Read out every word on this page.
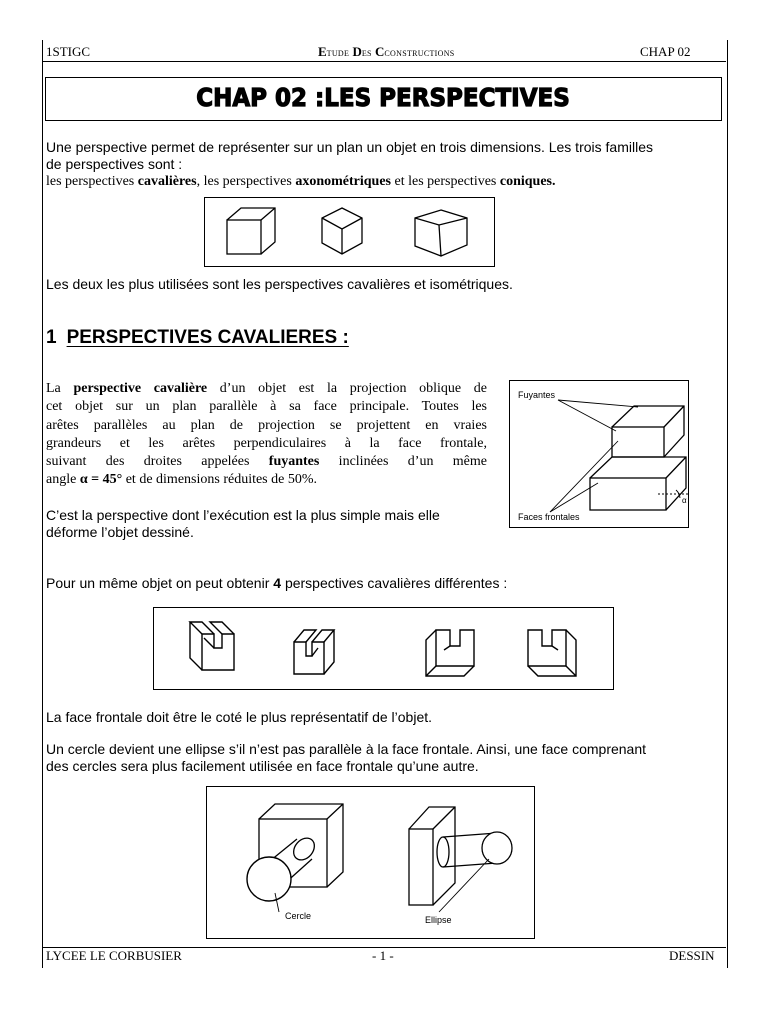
1STIGC	ETUDE DES CCONSTRUCTIONS	CHAP 02
CHAP 02 :LES PERSPECTIVES
Une perspective permet de représenter sur un plan un objet en trois dimensions. Les trois familles
de perspectives sont :
les perspectives cavalières, les perspectives axonométriques et les perspectives coniques.
Les deux les plus utilisées sont les perspectives cavalières et isométriques.
1 PERSPECTIVES CAVALIERES :
La perspective cavalière d’un objet est la projection oblique de
cet objet sur un plan parallèle à sa face principale. Toutes les
arêtes parallèles au plan de projection se projettent en vraies
grandeurs et les arêtes perpendiculaires à la face frontale,
suivant des droites appelées fuyantes inclinées d’un même
angle α = 45° et de dimensions réduites de 50%.
Fuyantes
Faces frontales
α
C’est la perspective dont l’exécution est la plus simple mais elle
déforme l’objet dessiné.
Pour un même objet on peut obtenir 4 perspectives cavalières différentes :
La face frontale doit être le coté le plus représentatif de l’objet.
Un cercle devient une ellipse s’il n’est pas parallèle à la face frontale. Ainsi, une face comprenant
des cercles sera plus facilement utilisée en face frontale qu’une autre.
Cercle	Ellipse
LYCEE LE CORBUSIER	- 1 -	DESSIN
